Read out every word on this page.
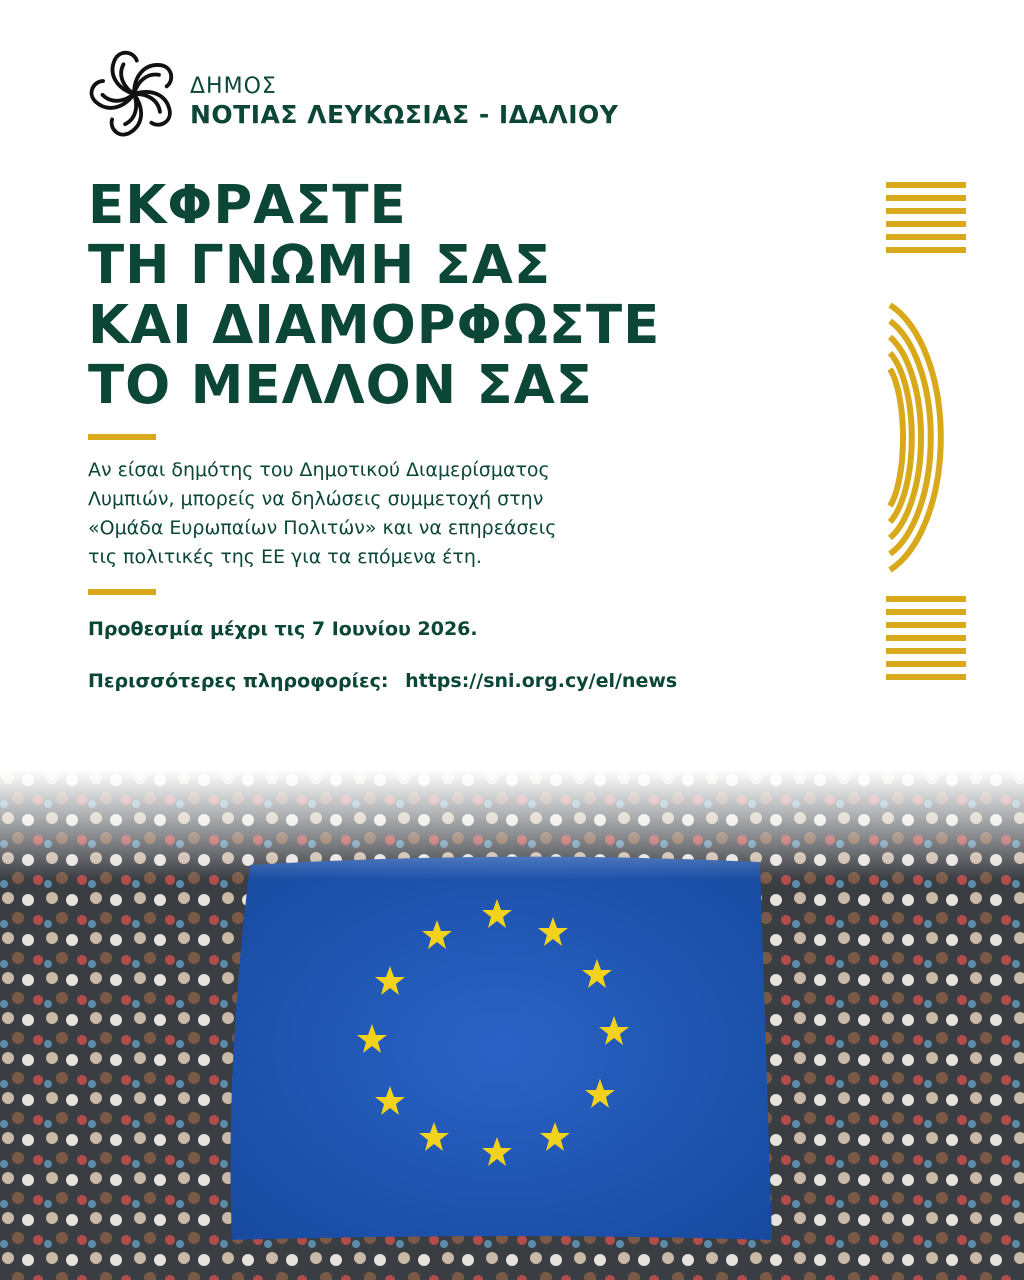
ΔΗΜΟΣ
ΝΟΤΙΑΣ ΛΕΥΚΩΣΙΑΣ - ΙΔΑΛΙΟΥ
ΕΚΦΡΑΣΤΕ
ΤΗ ΓΝΩΜΗ ΣΑΣ
ΚΑΙ ΔΙΑΜΟΡΦΩΣΤΕ
ΤΟ ΜΕΛΛΟΝ ΣΑΣ
Αν είσαι δημότης του Δημοτικού Διαμερίσματος
Λυμπιών, μπορείς να δηλώσεις συμμετοχή στην
«Ομάδα Ευρωπαίων Πολιτών» και να επηρεάσεις
τις πολιτικές της ΕΕ για τα επόμενα έτη.
Προθεσμία μέχρι τις 7 Ιουνίου 2026.
Περισσότερες πληροφορίες: https://sni.org.cy/el/news
